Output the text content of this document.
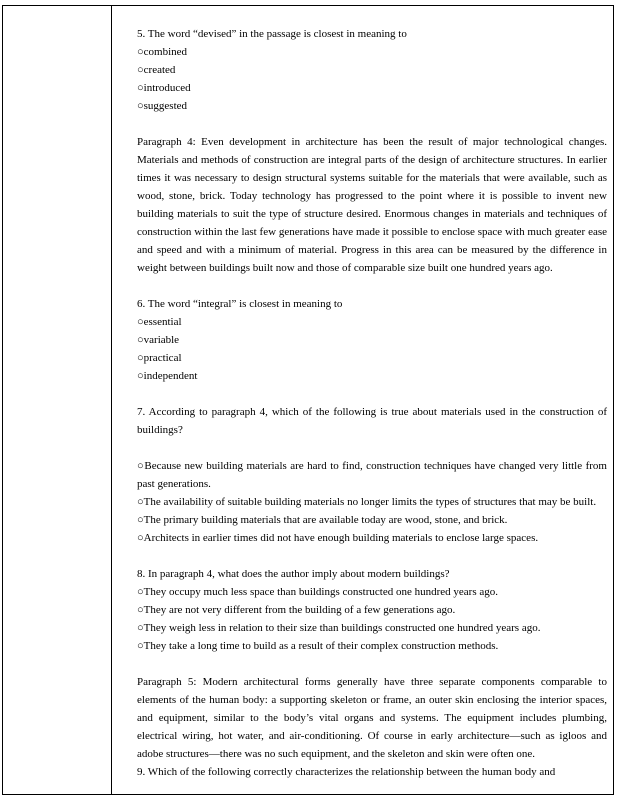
5. The word “devised” in the passage is closest in meaning to

○combined

○created

○introduced

○suggested

Paragraph 4: Even development in architecture has been the result of major technological changes. Materials and methods of construction are integral parts of the design of architecture structures. In earlier times it was necessary to design structural systems suitable for the materials that were available, such as wood, stone, brick. Today technology has progressed to the point where it is possible to invent new building materials to suit the type of structure desired. Enormous changes in materials and techniques of construction within the last few generations have made it possible to enclose space with much greater ease and speed and with a minimum of material. Progress in this area can be measured by the difference in weight between buildings built now and those of comparable size built one hundred years ago.

6. The word “integral” is closest in meaning to

○essential

○variable

○practical

○independent

7. According to paragraph 4, which of the following is true about materials used in the construction of buildings?

○Because new building materials are hard to find, construction techniques have changed very little from past generations.

○The availability of suitable building materials no longer limits the types of structures that may be built.

○The primary building materials that are available today are wood, stone, and brick.

○Architects in earlier times did not have enough building materials to enclose large spaces.

8. In paragraph 4, what does the author imply about modern buildings?

○They occupy much less space than buildings constructed one hundred years ago.

○They are not very different from the building of a few generations ago.

○They weigh less in relation to their size than buildings constructed one hundred years ago.

○They take a long time to build as a result of their complex construction methods.

Paragraph 5: Modern architectural forms generally have three separate components comparable to elements of the human body: a supporting skeleton or frame, an outer skin enclosing the interior spaces, and equipment, similar to the body’s vital organs and systems. The equipment includes plumbing, electrical wiring, hot water, and air-conditioning. Of course in early architecture—such as igloos and adobe structures—there was no such equipment, and the skeleton and skin were often one.

9. Which of the following correctly characterizes the relationship between the human body and
